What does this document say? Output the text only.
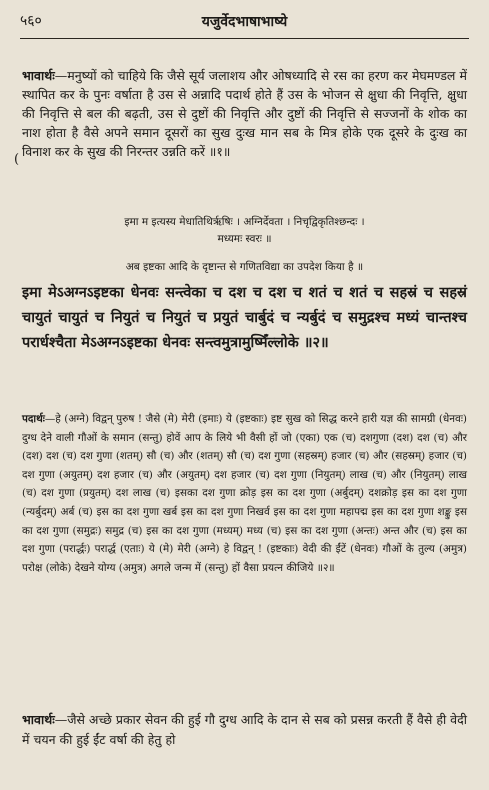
५६०	यजुर्वेदभाषाभाष्ये
(
भावार्थः—मनुष्यों को चाहिये कि जैसे सूर्य जलाशय और ओषध्यादि से रस का हरण कर मेघमण्डल में स्थापित कर के पुनः वर्षाता है उस से अन्नादि पदार्थ होते हैं उस के भोजन से क्षुधा की निवृत्ति, क्षुधा की निवृत्ति से बल की बढ़ती, उस से दुष्टों की निवृत्ति और दुष्टों की निवृत्ति से सज्जनों के शोक का नाश होता है वैसे अपने समान दूसरों का सुख दुःख मान सब के मित्र होके एक दूसरे के दुःख का विनाश कर के सुख की निरन्तर उन्नति करें ॥१॥
इमा म इत्यस्य मेधातिथिर्ऋषिः । अग्निर्देवता । निचृद्विकृतिश्छन्दः ।
मध्यमः स्वरः ॥
अब इष्टका आदि के दृष्टान्त से गणितविद्या का उपदेश किया है ॥
इमा मेऽअग्नऽइष्टका धेनवः सन्त्वेका च दश च दश च शतं च शतं च सहस्रं च सहस्रं चायुतं चायुतं च नियुतं च नियुतं च प्रयुतं चार्बुदं च न्यर्बुदं च समुद्रश्च मध्यं चान्तश्च परार्धश्चैता मेऽअग्नऽइष्टका धेनवः सन्त्वमुत्रामुष्मिँल्लोके ॥२॥
पदार्थः—हे (अग्ने) विद्वन् पुरुष ! जैसे (मे) मेरी (इमाः) ये (इष्टकाः) इष्ट सुख को सिद्ध करने हारी यज्ञ की सामग्री (धेनवः) दुग्ध देने वाली गौओं के समान (सन्तु) होवें आप के लिये भी वैसी हों जो (एका) एक (च) दशगुणा (दश) दश (च) और (दश) दश (च) दश गुणा (शतम्) सौ (च) और (शतम्) सौ (च) दश गुणा (सहस्रम्) हजार (च) और (सहस्रम्) हजार (च) दश गुणा (अयुतम्) दश हजार (च) और (अयुतम्) दश हजार (च) दश गुणा (नियुतम्) लाख (च) और (नियुतम्) लाख (च) दश गुणा (प्रयुतम्) दश लाख (च) इसका दश गुणा क्रोड़ इस का दश गुणा (अर्बुदम्) दशक्रोड़ इस का दश गुणा (न्यर्बुदम्) अर्ब (च) इस का दश गुणा खर्ब इस का दश गुणा निखर्व इस का दश गुणा महापद्म इस का दश गुणा शङ्कु इस का दश गुणा (समुद्रः) समुद्र (च) इस का दश गुणा (मध्यम्) मध्य (च) इस का दश गुणा (अन्तः) अन्त और (च) इस का दश गुणा (परार्द्धः) परार्द्ध (एताः) ये (मे) मेरी (अग्ने) हे विद्वन् ! (इष्टकाः) वेदी की ईंटें (धेनवः) गौओं के तुल्य (अमुत्र) परोक्ष (लोके) देखने योग्य (अमुत्र) अगले जन्म में (सन्तु) हों वैसा प्रयत्न कीजिये ॥२॥
भावार्थः—जैसे अच्छे प्रकार सेवन की हुई गौ दुग्ध आदि के दान से सब को प्रसन्न करती हैं वैसे ही वेदी में चयन की हुई ईंट वर्षा की हेतु हो
